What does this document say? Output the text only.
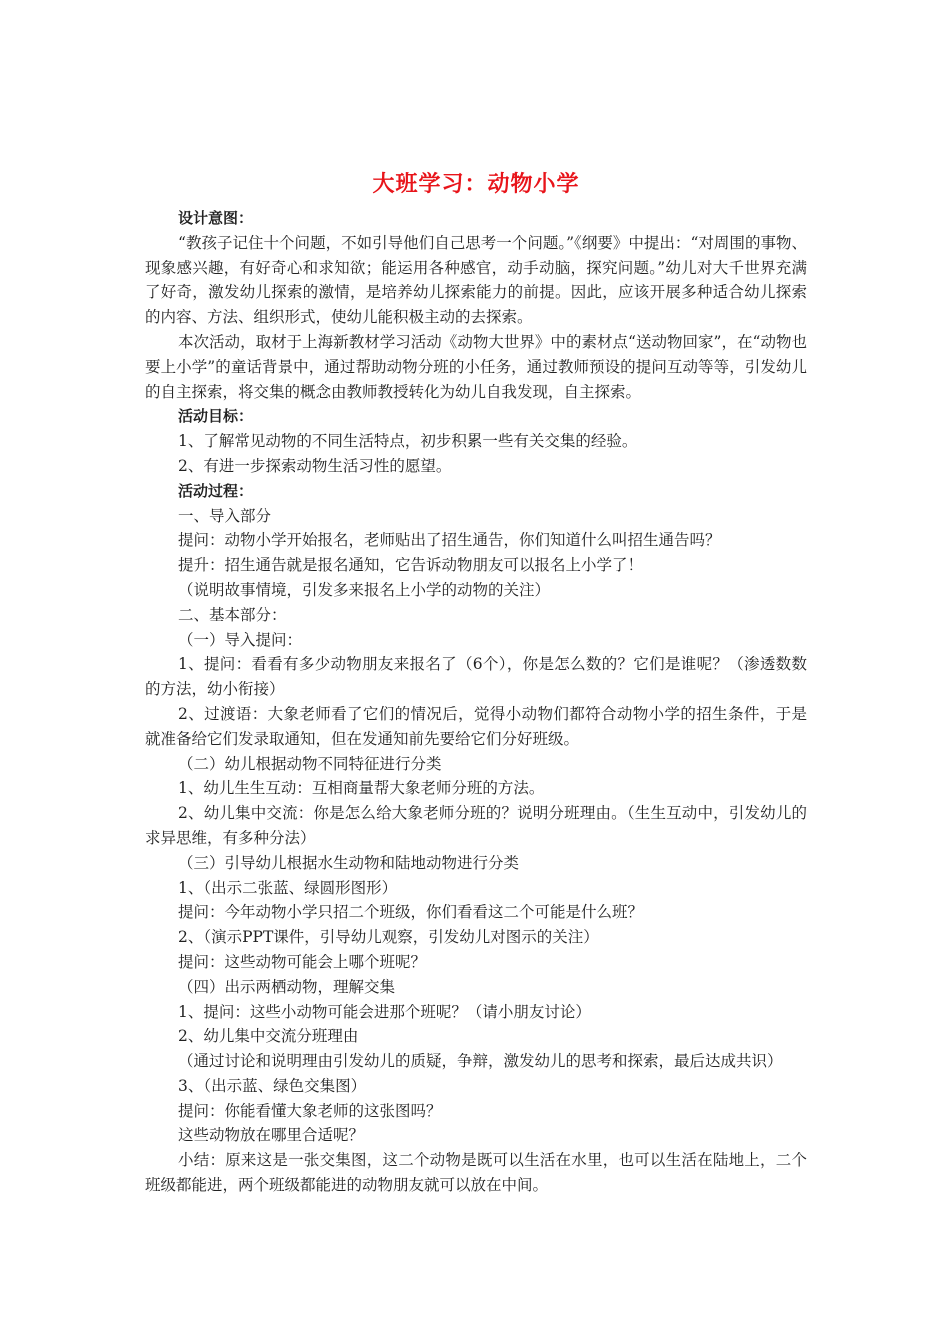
大班学习：动物小学

设计意图：

“教孩子记住十个问题，不如引导他们自己思考一个问题。”《纲要》中提出：“对周围的事物、现象感兴趣，有好奇心和求知欲；能运用各种感官，动手动脑，探究问题。”幼儿对大千世界充满了好奇，激发幼儿探索的激情，是培养幼儿探索能力的前提。因此，应该开展多种适合幼儿探索的内容、方法、组织形式，使幼儿能积极主动的去探索。

本次活动，取材于上海新教材学习活动《动物大世界》中的素材点“送动物回家”，在“动物也要上小学”的童话背景中，通过帮助动物分班的小任务，通过教师预设的提问互动等等，引发幼儿的自主探索，将交集的概念由教师教授转化为幼儿自我发现，自主探索。

活动目标：

1、了解常见动物的不同生活特点，初步积累一些有关交集的经验。

2、有进一步探索动物生活习性的愿望。

活动过程：

一、导入部分

提问：动物小学开始报名，老师贴出了招生通告，你们知道什么叫招生通告吗？

提升：招生通告就是报名通知，它告诉动物朋友可以报名上小学了！

（说明故事情境，引发多来报名上小学的动物的关注）

二、基本部分：

（一）导入提问：

1、提问：看看有多少动物朋友来报名了（6个），你是怎么数的？它们是谁呢？（渗透数数的方法，幼小衔接）

2、过渡语：大象老师看了它们的情况后，觉得小动物们都符合动物小学的招生条件，于是就准备给它们发录取通知，但在发通知前先要给它们分好班级。

（二）幼儿根据动物不同特征进行分类

1、幼儿生生互动：互相商量帮大象老师分班的方法。

2、幼儿集中交流：你是怎么给大象老师分班的？说明分班理由。（生生互动中，引发幼儿的求异思维，有多种分法）

（三）引导幼儿根据水生动物和陆地动物进行分类

1、（出示二张蓝、绿圆形图形）

提问：今年动物小学只招二个班级，你们看看这二个可能是什么班？

2、（演示PPT课件，引导幼儿观察，引发幼儿对图示的关注）

提问：这些动物可能会上哪个班呢？

（四）出示两栖动物，理解交集

1、提问：这些小动物可能会进那个班呢？（请小朋友讨论）

2、幼儿集中交流分班理由

（通过讨论和说明理由引发幼儿的质疑，争辩，激发幼儿的思考和探索，最后达成共识）

3、（出示蓝、绿色交集图）

提问：你能看懂大象老师的这张图吗？

这些动物放在哪里合适呢？

小结：原来这是一张交集图，这二个动物是既可以生活在水里，也可以生活在陆地上，二个班级都能进，两个班级都能进的动物朋友就可以放在中间。
